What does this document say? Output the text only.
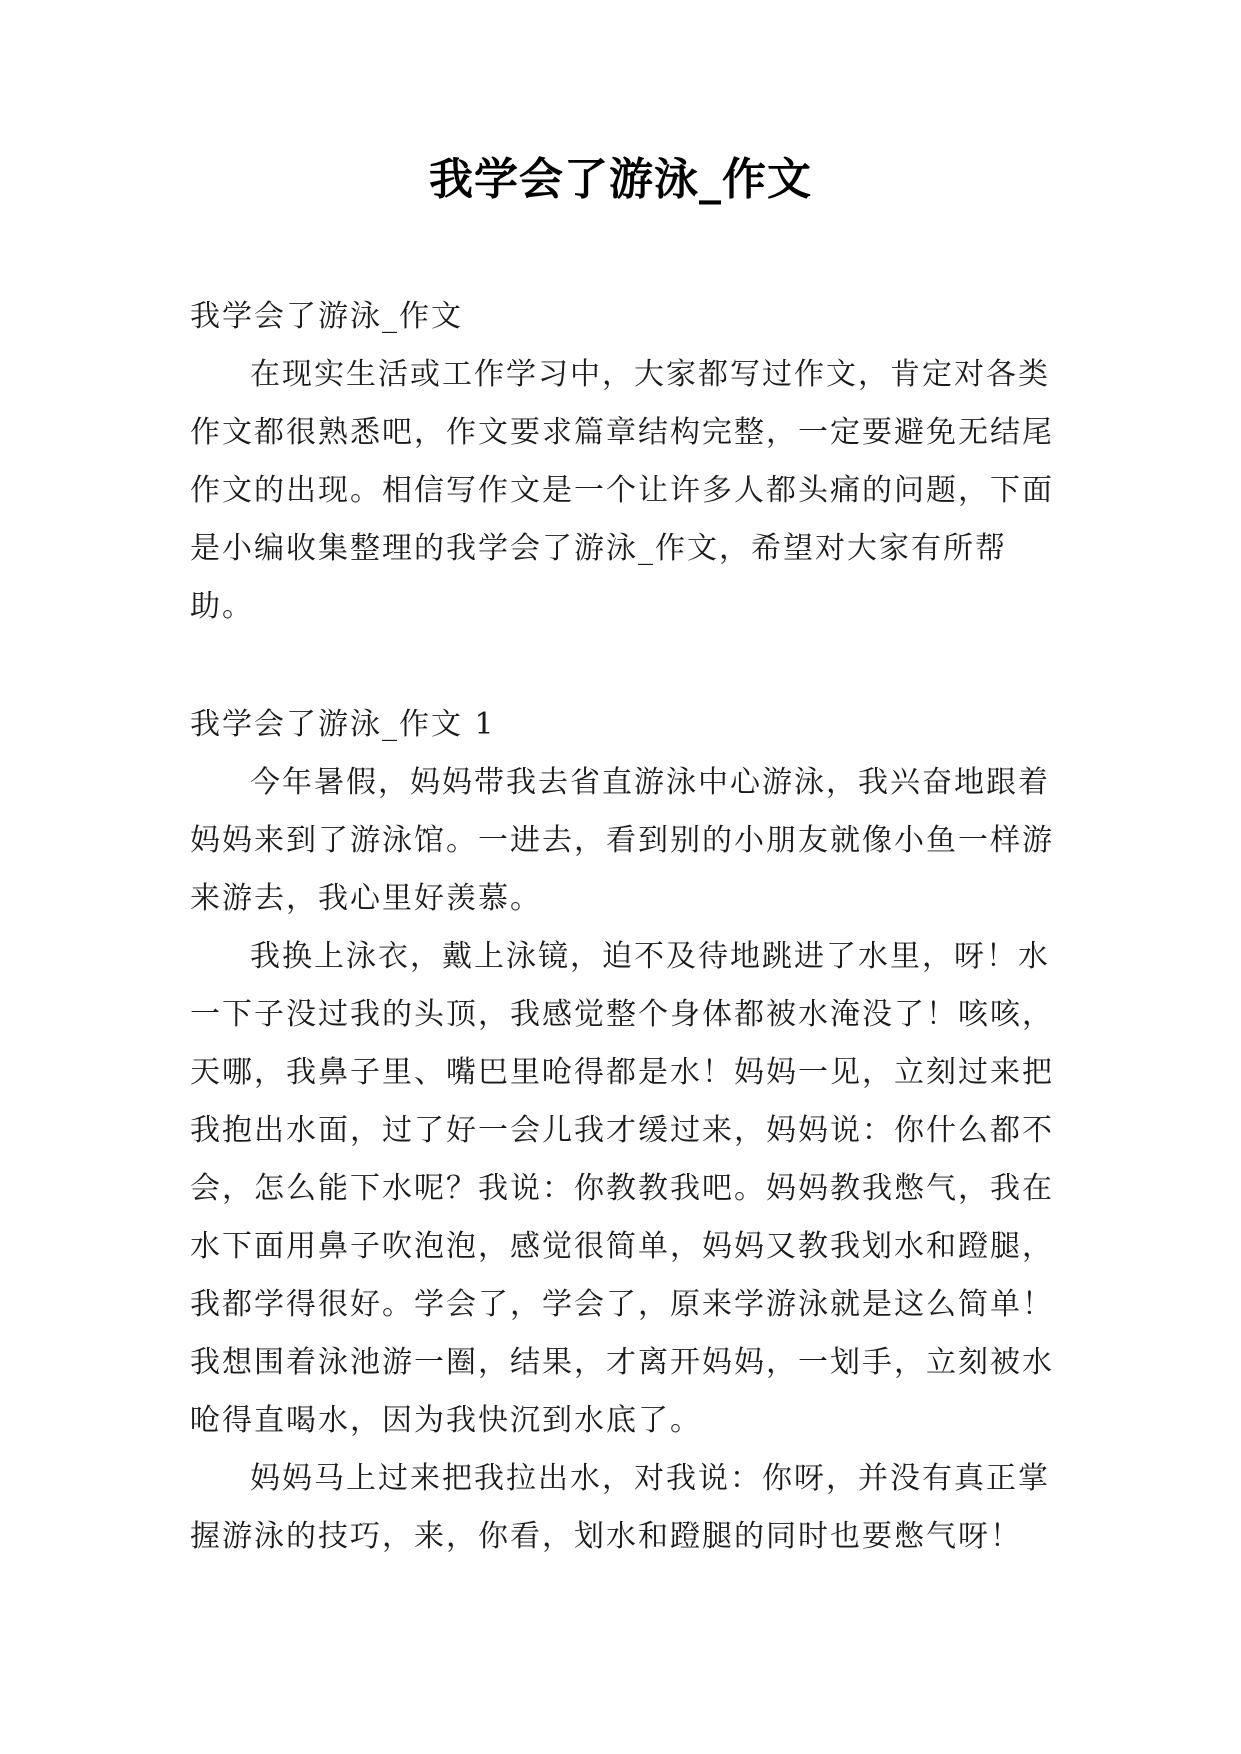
我学会了游泳_作文

我学会了游泳_作文

在现实生活或工作学习中，大家都写过作文，肯定对各类作文都很熟悉吧，作文要求篇章结构完整，一定要避免无结尾作文的出现。相信写作文是一个让许多人都头痛的问题，下面是小编收集整理的我学会了游泳_作文，希望对大家有所帮助。

我学会了游泳_作文 1

今年暑假，妈妈带我去省直游泳中心游泳，我兴奋地跟着妈妈来到了游泳馆。一进去，看到别的小朋友就像小鱼一样游来游去，我心里好羡慕。

我换上泳衣，戴上泳镜，迫不及待地跳进了水里，呀！水一下子没过我的头顶，我感觉整个身体都被水淹没了！咳咳，天哪，我鼻子里、嘴巴里呛得都是水！妈妈一见，立刻过来把我抱出水面，过了好一会儿我才缓过来，妈妈说：你什么都不会，怎么能下水呢？我说：你教教我吧。妈妈教我憋气，我在水下面用鼻子吹泡泡，感觉很简单，妈妈又教我划水和蹬腿，我都学得很好。学会了，学会了，原来学游泳就是这么简单！我想围着泳池游一圈，结果，才离开妈妈，一划手，立刻被水呛得直喝水，因为我快沉到水底了。

妈妈马上过来把我拉出水，对我说：你呀，并没有真正掌握游泳的技巧，来，你看，划水和蹬腿的同时也要憋气呀！
